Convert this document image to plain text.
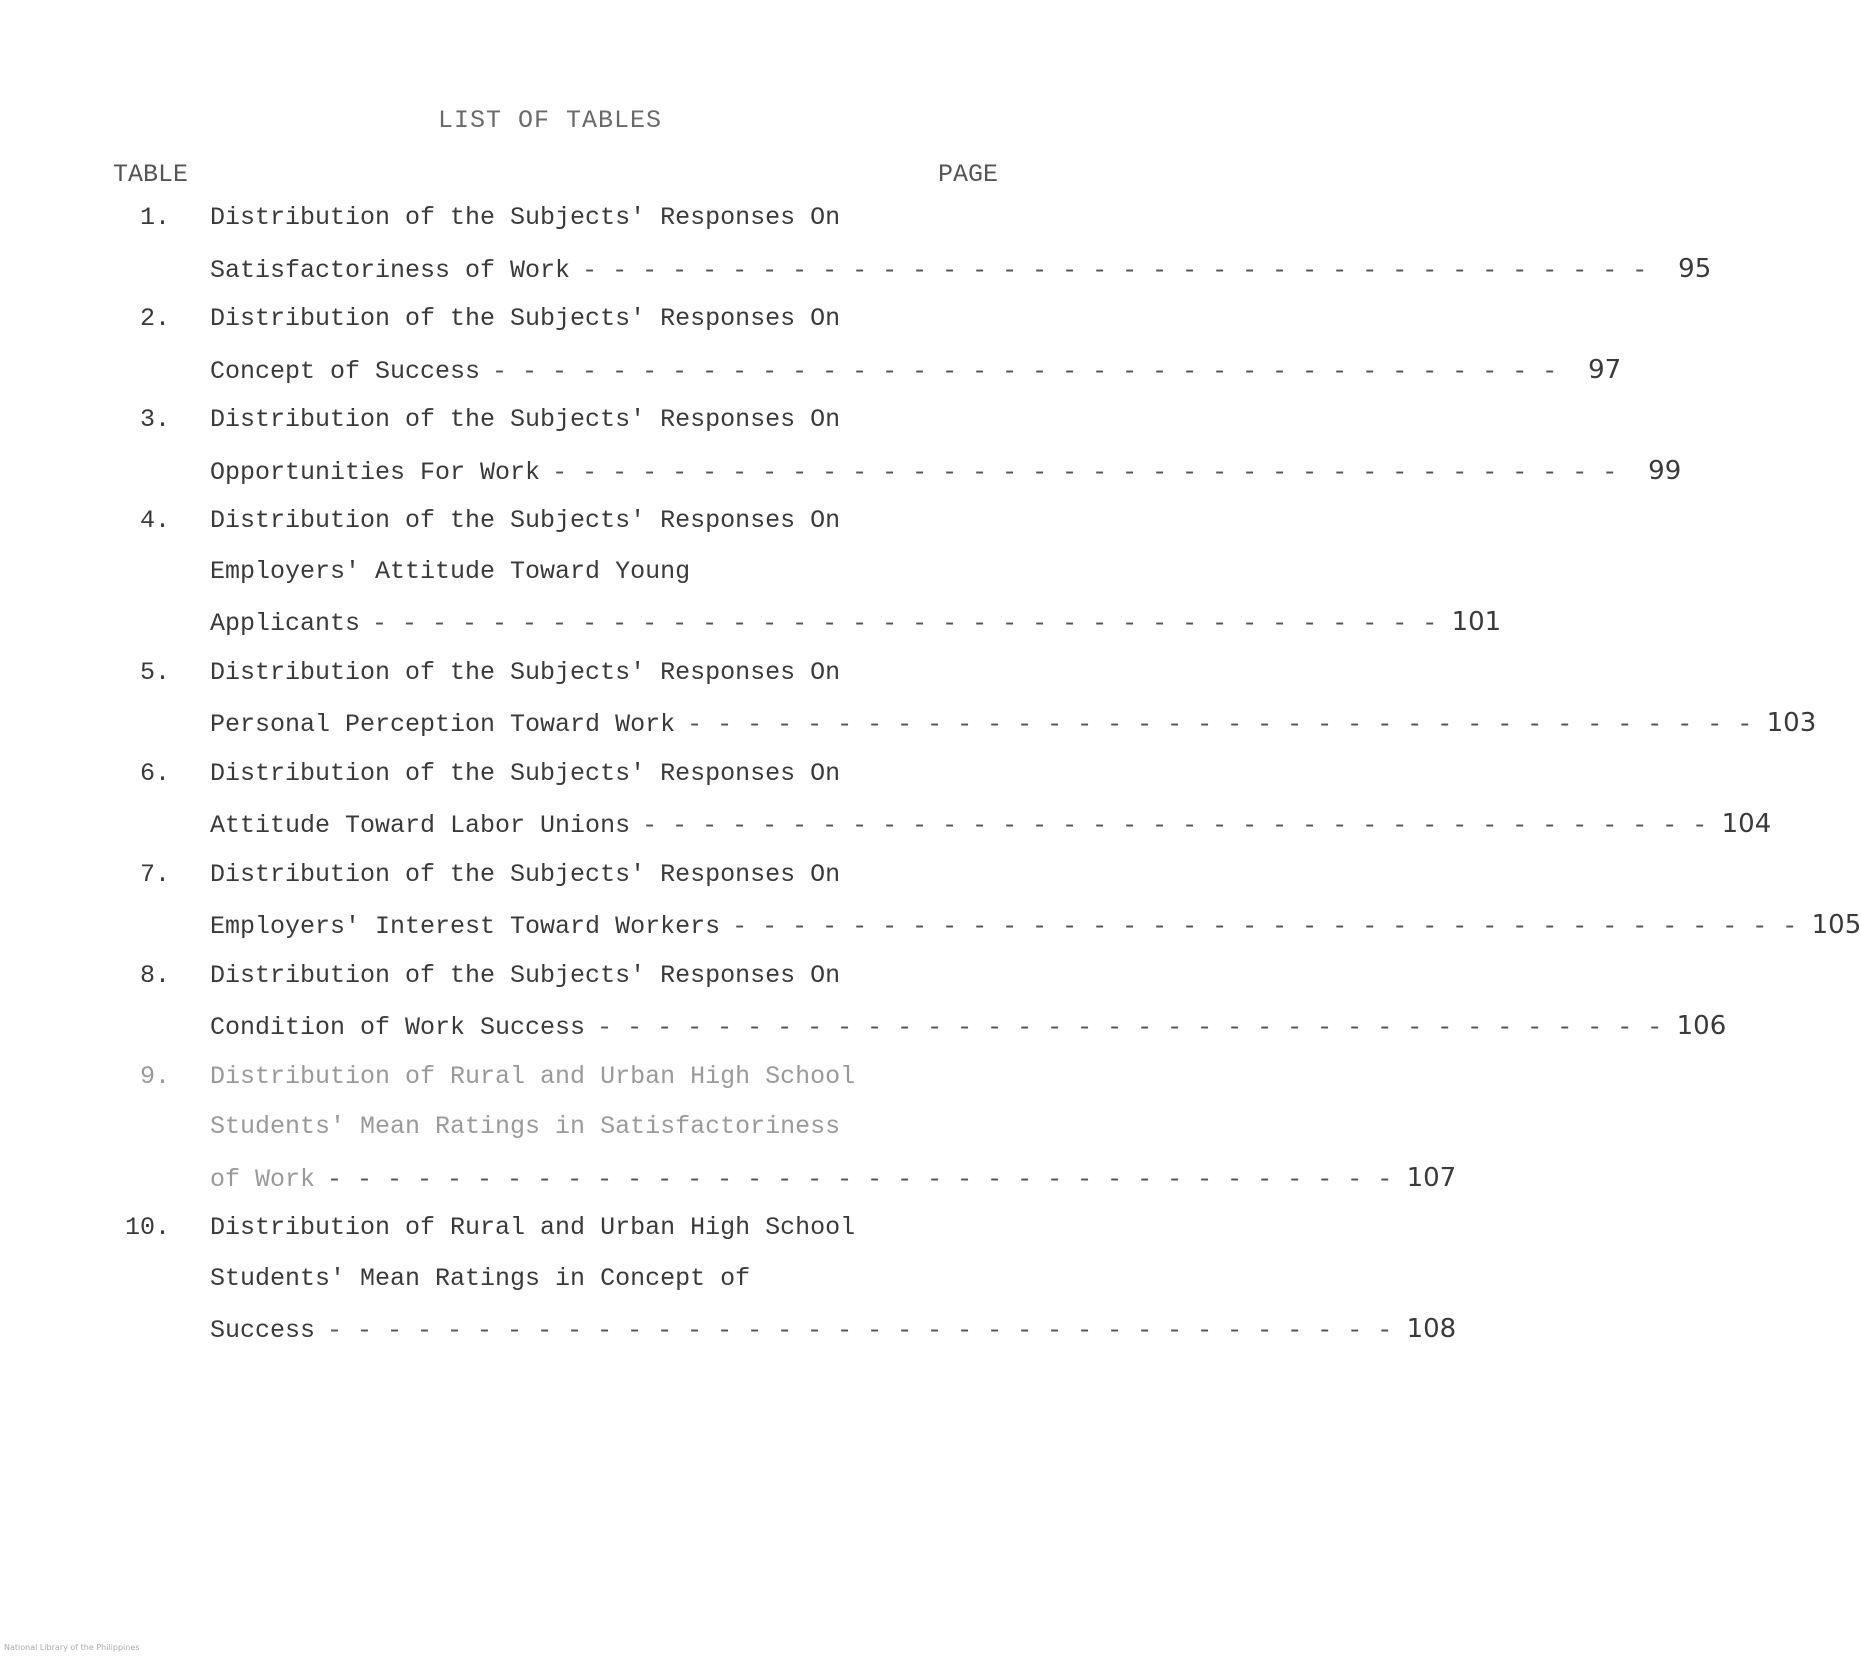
LIST OF TABLES
TABLE	PAGE
1. Distribution of the Subjects' Responses On
Satisfactoriness of Work - - - - - - - - - - - - - - - - - - - - - - - - - - - - - - - - - - - -	95
2. Distribution of the Subjects' Responses On
Concept of Success - - - - - - - - - - - - - - - - - - - - - - - - - - - - - - - - - - - -	97
3. Distribution of the Subjects' Responses On
Opportunities For Work - - - - - - - - - - - - - - - - - - - - - - - - - - - - - - - - - - - -	99
4. Distribution of the Subjects' Responses On
Employers' Attitude Toward Young
Applicants - - - - - - - - - - - - - - - - - - - - - - - - - - - - - - - - - - - - 101
5. Distribution of the Subjects' Responses On
Personal Perception Toward Work - - - - - - - - - - - - - - - - - - - - - - - - - - - - - - - - - - - - 103
6. Distribution of the Subjects' Responses On
Attitude Toward Labor Unions - - - - - - - - - - - - - - - - - - - - - - - - - - - - - - - - - - - - 104
7. Distribution of the Subjects' Responses On
Employers' Interest Toward Workers - - - - - - - - - - - - - - - - - - - - - - - - - - - - - - - - - - - - 105
8. Distribution of the Subjects' Responses On
Condition of Work Success - - - - - - - - - - - - - - - - - - - - - - - - - - - - - - - - - - - - 106
9. Distribution of Rural and Urban High School
Students' Mean Ratings in Satisfactoriness
of Work - - - - - - - - - - - - - - - - - - - - - - - - - - - - - - - - - - - - 107
10. Distribution of Rural and Urban High School
Students' Mean Ratings in Concept of
Success - - - - - - - - - - - - - - - - - - - - - - - - - - - - - - - - - - - - 108
National Library of the Philippines
